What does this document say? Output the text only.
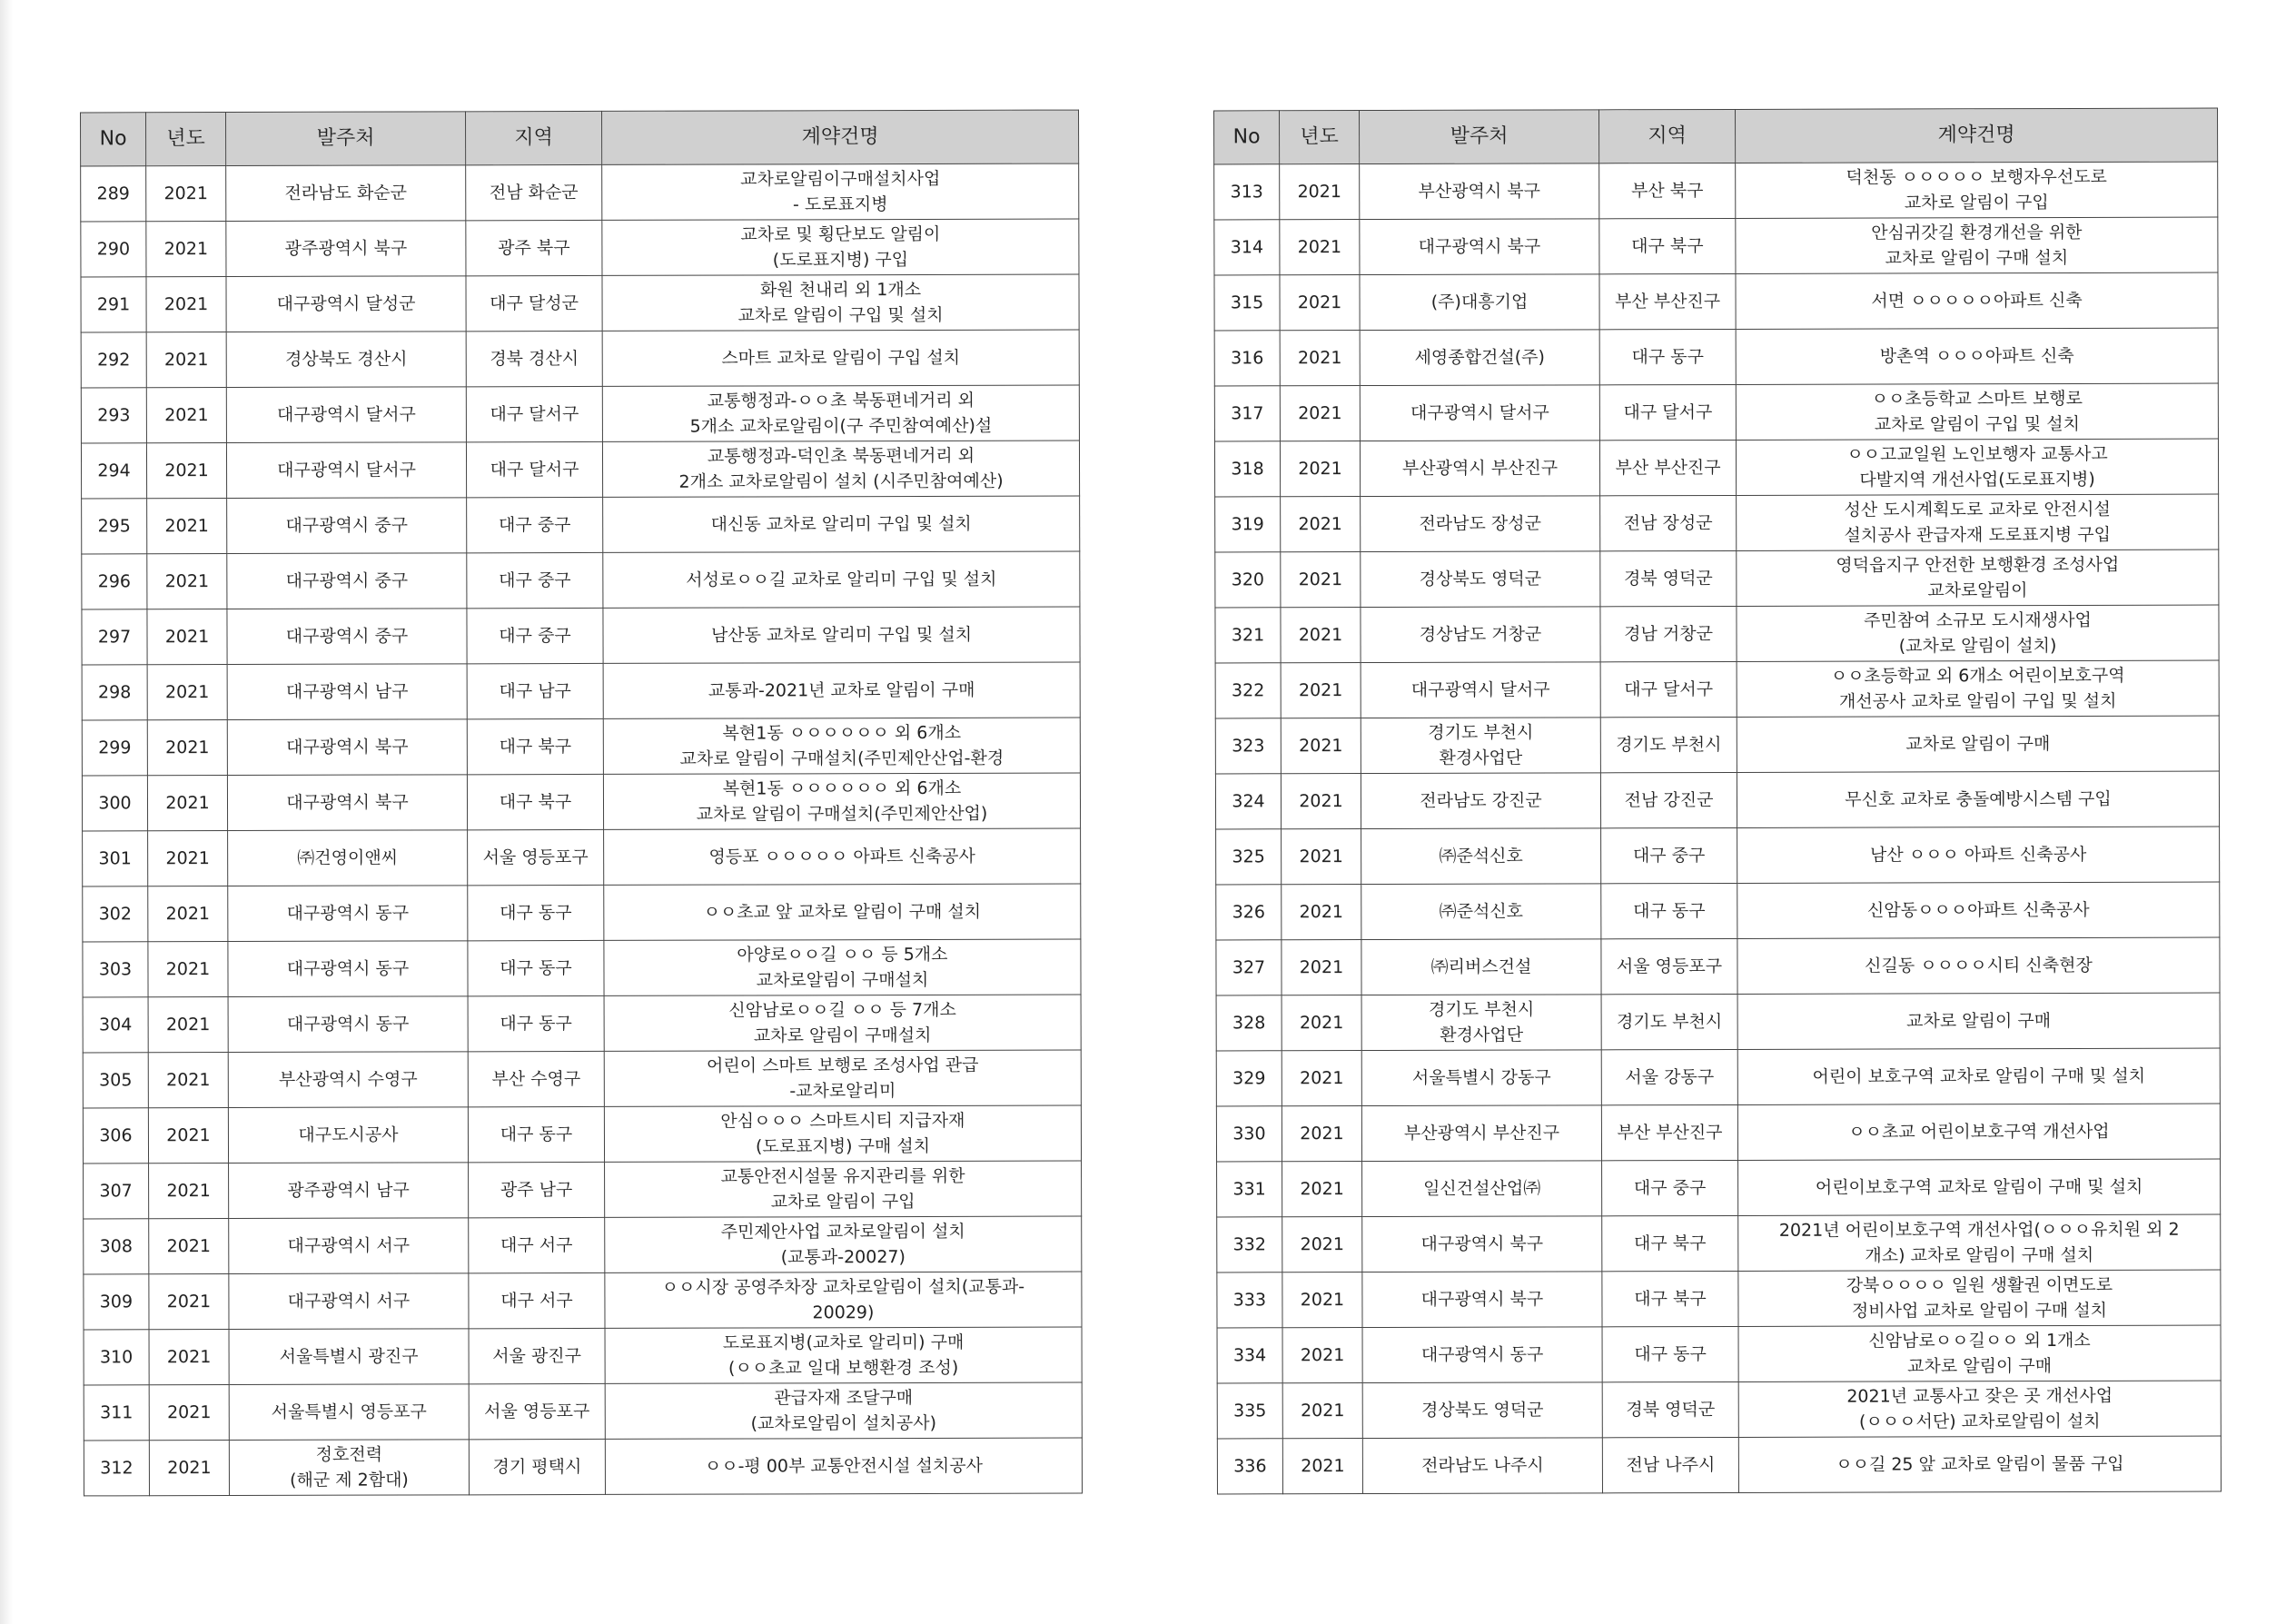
No	년도	발주처	지역	계약건명
289	2021	전라남도 화순군	전남 화순군	교차로알림이구매설치사업
- 도로표지병
290	2021	광주광역시 북구	광주 북구	교차로 및 횡단보도 알림이
(도로표지병) 구입
291	2021	대구광역시 달성군	대구 달성군	화원 천내리 외 1개소
교차로 알림이 구입 및 설치
292	2021	경상북도 경산시	경북 경산시	스마트 교차로 알림이 구입 설치
293	2021	대구광역시 달서구	대구 달서구	교통행정과-ㅇㅇ초 북동편네거리 외
5개소 교차로알림이(구 주민참여예산)설
294	2021	대구광역시 달서구	대구 달서구	교통행정과-덕인초 북동편네거리 외
2개소 교차로알림이 설치 (시주민참여예산)
295	2021	대구광역시 중구	대구 중구	대신동 교차로 알리미 구입 및 설치
296	2021	대구광역시 중구	대구 중구	서성로ㅇㅇ길 교차로 알리미 구입 및 설치
297	2021	대구광역시 중구	대구 중구	남산동 교차로 알리미 구입 및 설치
298	2021	대구광역시 남구	대구 남구	교통과-2021년 교차로 알림이 구매
299	2021	대구광역시 북구	대구 북구	복현1동 ㅇㅇㅇㅇㅇㅇ 외 6개소
교차로 알림이 구매설치(주민제안산업-환경
300	2021	대구광역시 북구	대구 북구	복현1동 ㅇㅇㅇㅇㅇㅇ 외 6개소
교차로 알림이 구매설치(주민제안산업)
301	2021	㈜건영이앤씨	서울 영등포구	영등포 ㅇㅇㅇㅇㅇ 아파트 신축공사
302	2021	대구광역시 동구	대구 동구	ㅇㅇ초교 앞 교차로 알림이 구매 설치
303	2021	대구광역시 동구	대구 동구	아양로ㅇㅇ길 ㅇㅇ 등 5개소
교차로알림이 구매설치
304	2021	대구광역시 동구	대구 동구	신암남로ㅇㅇ길 ㅇㅇ 등 7개소
교차로 알림이 구매설치
305	2021	부산광역시 수영구	부산 수영구	어린이 스마트 보행로 조성사업 관급
-교차로알리미
306	2021	대구도시공사	대구 동구	안심ㅇㅇㅇ 스마트시티 지급자재
(도로표지병) 구매 설치
307	2021	광주광역시 남구	광주 남구	교통안전시설물 유지관리를 위한
교차로 알림이 구입
308	2021	대구광역시 서구	대구 서구	주민제안사업 교차로알림이 설치
(교통과-20027)
309	2021	대구광역시 서구	대구 서구	ㅇㅇ시장 공영주차장 교차로알림이 설치(교통과-
20029)
310	2021	서울특별시 광진구	서울 광진구	도로표지병(교차로 알리미) 구매
(ㅇㅇ초교 일대 보행환경 조성)
311	2021	서울특별시 영등포구	서울 영등포구	관급자재 조달구매
(교차로알림이 설치공사)
312	2021	정호전력
(해군 제 2함대)	경기 평택시	ㅇㅇ-평 00부 교통안전시설 설치공사
No	년도	발주처	지역	계약건명
313	2021	부산광역시 북구	부산 북구	덕천동 ㅇㅇㅇㅇㅇ 보행자우선도로
교차로 알림이 구입
314	2021	대구광역시 북구	대구 북구	안심귀갓길 환경개선을 위한
교차로 알림이 구매 설치
315	2021	(주)대흥기업	부산 부산진구	서면 ㅇㅇㅇㅇㅇ아파트 신축
316	2021	세영종합건설(주)	대구 동구	방촌역 ㅇㅇㅇ아파트 신축
317	2021	대구광역시 달서구	대구 달서구	ㅇㅇ초등학교 스마트 보행로
교차로 알림이 구입 및 설치
318	2021	부산광역시 부산진구	부산 부산진구	ㅇㅇ고교일원 노인보행자 교통사고
다발지역 개선사업(도로표지병)
319	2021	전라남도 장성군	전남 장성군	성산 도시계획도로 교차로 안전시설
설치공사 관급자재 도로표지병 구입
320	2021	경상북도 영덕군	경북 영덕군	영덕읍지구 안전한 보행환경 조성사업
교차로알림이
321	2021	경상남도 거창군	경남 거창군	주민참여 소규모 도시재생사업
(교차로 알림이 설치)
322	2021	대구광역시 달서구	대구 달서구	ㅇㅇ초등학교 외 6개소 어린이보호구역
개선공사 교차로 알림이 구입 및 설치
323	2021	경기도 부천시
환경사업단	경기도 부천시	교차로 알림이 구매
324	2021	전라남도 강진군	전남 강진군	무신호 교차로 충돌예방시스템 구입
325	2021	㈜준석신호	대구 중구	남산 ㅇㅇㅇ 아파트 신축공사
326	2021	㈜준석신호	대구 동구	신암동ㅇㅇㅇ아파트 신축공사
327	2021	㈜리버스건설	서울 영등포구	신길동 ㅇㅇㅇㅇ시티 신축현장
328	2021	경기도 부천시
환경사업단	경기도 부천시	교차로 알림이 구매
329	2021	서울특별시 강동구	서울 강동구	어린이 보호구역 교차로 알림이 구매 및 설치
330	2021	부산광역시 부산진구	부산 부산진구	ㅇㅇ초교 어린이보호구역 개선사업
331	2021	일신건설산업㈜	대구 중구	어린이보호구역 교차로 알림이 구매 및 설치
332	2021	대구광역시 북구	대구 북구	2021년 어린이보호구역 개선사업(ㅇㅇㅇ유치원 외 2
개소) 교차로 알림이 구매 설치
333	2021	대구광역시 북구	대구 북구	강북ㅇㅇㅇㅇ 일원 생활권 이면도로
정비사업 교차로 알림이 구매 설치
334	2021	대구광역시 동구	대구 동구	신암남로ㅇㅇ길ㅇㅇ 외 1개소
교차로 알림이 구매
335	2021	경상북도 영덕군	경북 영덕군	2021년 교통사고 잦은 곳 개선사업
(ㅇㅇㅇ서단) 교차로알림이 설치
336	2021	전라남도 나주시	전남 나주시	ㅇㅇ길 25 앞 교차로 알림이 물품 구입
